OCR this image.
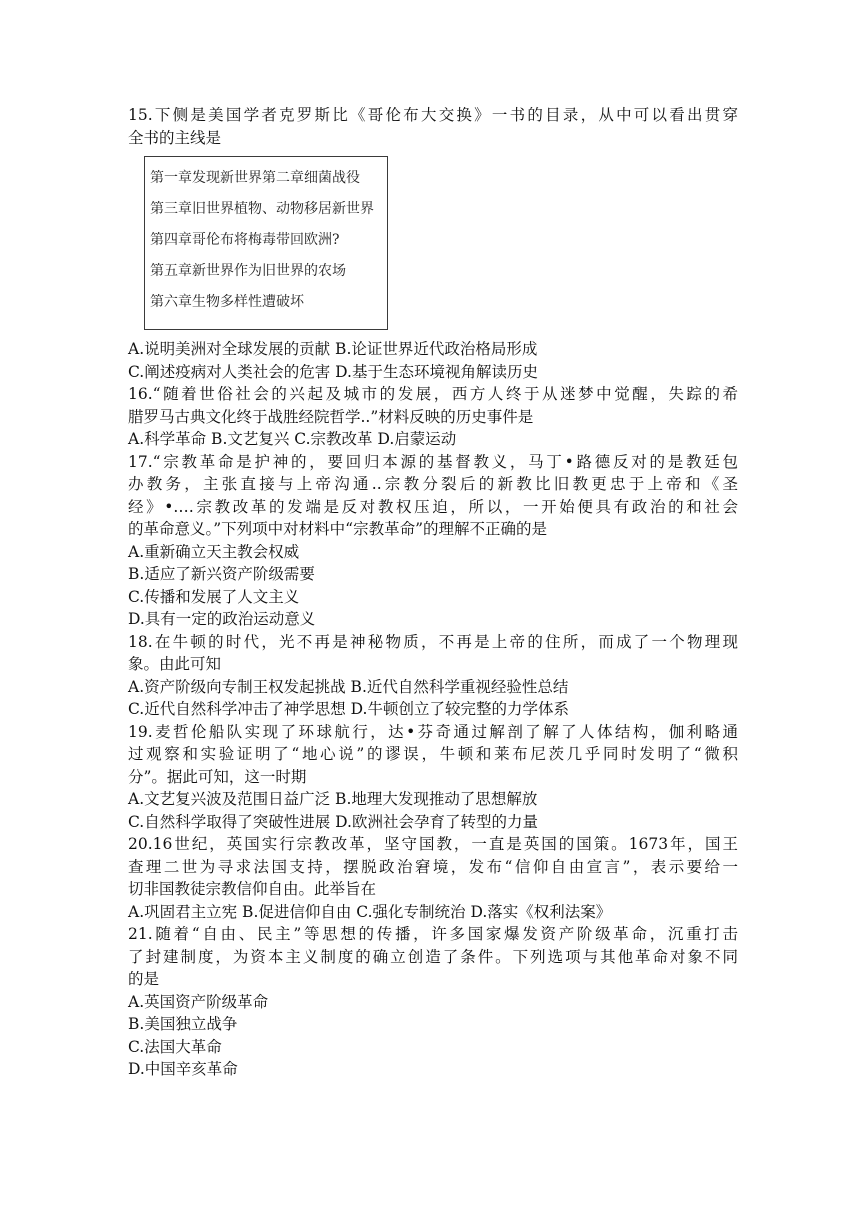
15.下侧是美国学者克罗斯比《哥伦布大交换》一书的目录，从中可以看出贯穿
全书的主线是
第一章发现新世界第二章细菌战役
第三章旧世界植物、动物移居新世界
第四章哥伦布将梅毒带回欧洲?
第五章新世界作为旧世界的农场
第六章生物多样性遭破坏
A.说明美洲对全球发展的贡献 B.论证世界近代政治格局形成
C.阐述疫病对人类社会的危害 D.基于生态环境视角解读历史
16.“随着世俗社会的兴起及城市的发展，西方人终于从迷梦中觉醒，失踪的希
腊罗马古典文化终于战胜经院哲学..”材料反映的历史事件是
A.科学革命 B.文艺复兴 C.宗教改革 D.启蒙运动
17.“宗教革命是护神的，要回归本源的基督教义，马丁•路德反对的是教廷包
办教务，主张直接与上帝沟通..宗教分裂后的新教比旧教更忠于上帝和《圣
经》•.…宗教改革的发端是反对教权压迫，所以，一开始便具有政治的和社会
的革命意义。”下列项中对材料中“宗教革命”的理解不正确的是
A.重新确立天主教会权威
B.适应了新兴资产阶级需要
C.传播和发展了人文主义
D.具有一定的政治运动意义
18.在牛顿的时代，光不再是神秘物质，不再是上帝的住所，而成了一个物理现
象。由此可知
A.资产阶级向专制王权发起挑战 B.近代自然科学重视经验性总结
C.近代自然科学冲击了神学思想 D.牛顿创立了较完整的力学体系
19.麦哲伦船队实现了环球航行，达•芬奇通过解剖了解了人体结构，伽利略通
过观察和实验证明了“地心说”的谬误，牛顿和莱布尼茨几乎同时发明了“微积
分”。据此可知，这一时期
A.文艺复兴波及范围日益广泛 B.地理大发现推动了思想解放
C.自然科学取得了突破性进展 D.欧洲社会孕育了转型的力量
20.16世纪，英国实行宗教改革，坚守国教，一直是英国的国策。1673年，国王
查理二世为寻求法国支持，摆脱政治窘境，发布“信仰自由宣言”，表示要给一
切非国教徒宗教信仰自由。此举旨在
A.巩固君主立宪 B.促进信仰自由 C.强化专制统治 D.落实《权利法案》
21.随着“自由、民主”等思想的传播，许多国家爆发资产阶级革命，沉重打击
了封建制度，为资本主义制度的确立创造了条件。下列选项与其他革命对象不同
的是
A.英国资产阶级革命
B.美国独立战争
C.法国大革命
D.中国辛亥革命
